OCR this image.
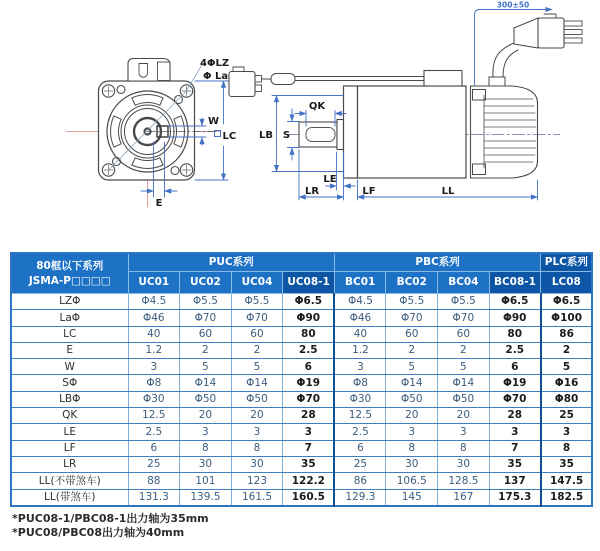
4ΦLZ
Φ La
W
LC
E
QK
LB S
LE
LR	LF	LL
300±50
80框以下系列
JSMA-P□□□□	PUC系列				PBC系列				PLC系列
	UC01	UC02	UC04	UC08-1	BC01	BC02	BC04	BC08-1	LC08
LZΦ	Φ4.5	Φ5.5	Φ5.5	Φ6.5	Φ4.5	Φ5.5	Φ5.5	Φ6.5	Φ6.5
LaΦ	Φ46	Φ70	Φ70	Φ90	Φ46	Φ70	Φ70	Φ90	Φ100
LC	40	60	60	80	40	60	60	80	86
E	1.2	2	2	2.5	1.2	2	2	2.5	2
W	3	5	5	6	3	5	5	6	5
SΦ	Φ8	Φ14	Φ14	Φ19	Φ8	Φ14	Φ14	Φ19	Φ16
LBΦ	Φ30	Φ50	Φ50	Φ70	Φ30	Φ50	Φ50	Φ70	Φ80
QK	12.5	20	20	28	12.5	20	20	28	25
LE	2.5	3	3	3	2.5	3	3	3	3
LF	6	8	8	7	6	8	8	7	8
LR	25	30	30	35	25	30	30	35	35
LL(不带煞车)	88	101	123	122.2	86	106.5	128.5	137	147.5
LL(带煞车)	131.3	139.5	161.5	160.5	129.3	145	167	175.3	182.5
*PUC08-1/PBC08-1出力轴为35mm
*PUC08/PBC08出力轴为40mm
